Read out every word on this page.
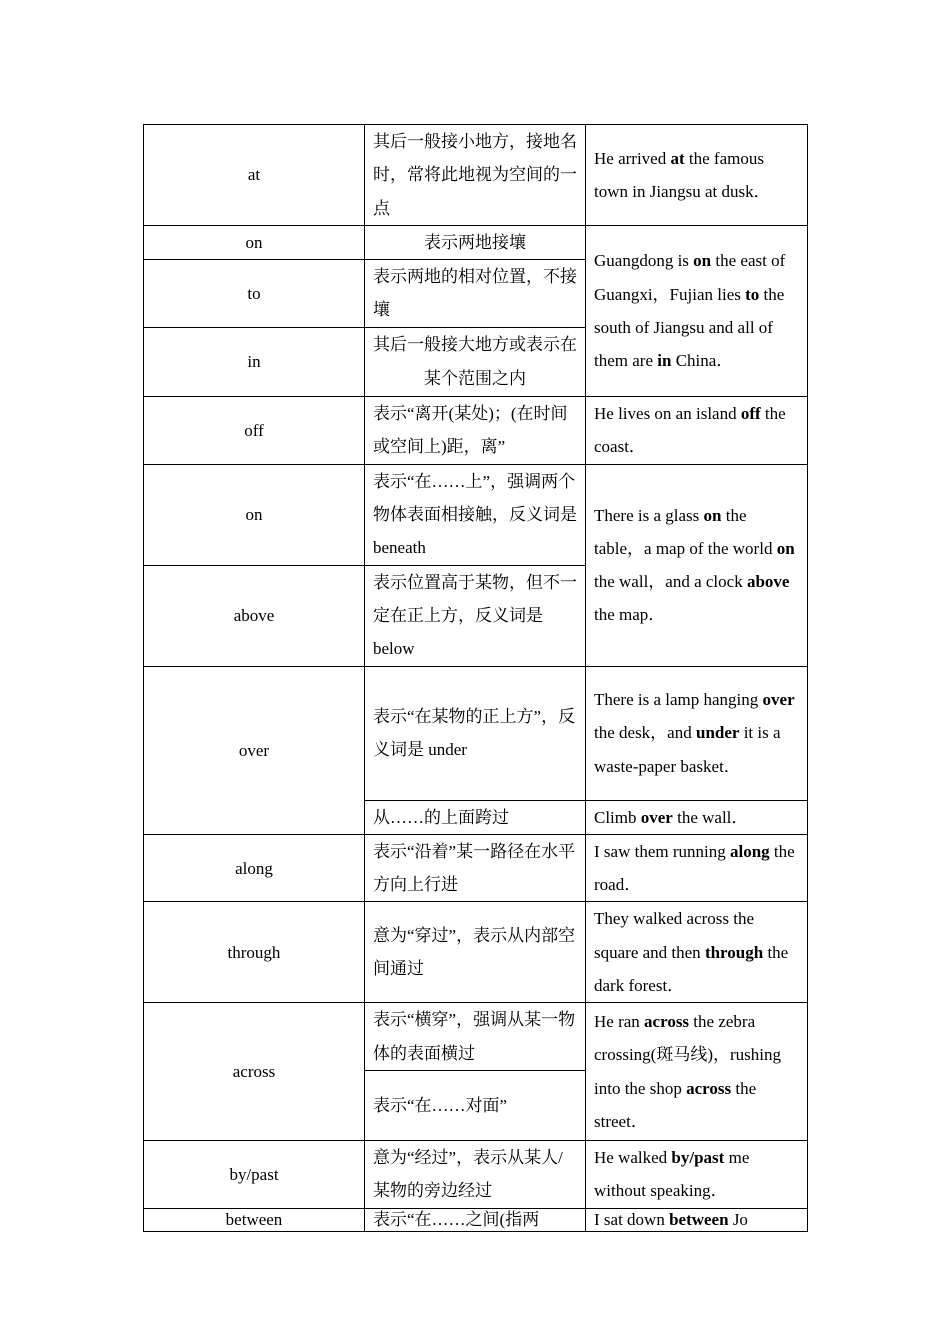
at	其后一般接小地方，接地名时，常将此地视为空间的一点	He arrived at the famous town in Jiangsu at dusk．
on	表示两地接壤	Guangdong is on the east of Guangxi，Fujian lies to the south of Jiangsu and all of them are in China．
to	表示两地的相对位置，不接壤	
in	其后一般接大地方或表示在某个范围之内	
off	表示“离开(某处)；(在时间或空间上)距，离”	He lives on an island off the coast．
on	表示“在……上”，强调两个物体表面相接触，反义词是 beneath	There is a glass on the table，a map of the world on the wall，and a clock above the map．
above	表示位置高于某物，但不一定在正上方，反义词是 below	
over	表示“在某物的正上方”，反义词是 under	There is a lamp hanging over the desk，and under it is a waste-paper basket．
	从……的上面跨过	Climb over the wall．
along	表示“沿着”某一路径在水平方向上行进	I saw them running along the road．
through	意为“穿过”，表示从内部空间通过	They walked across the square and then through the dark forest．
across	表示“横穿”，强调从某一物体的表面横过	He ran across the zebra crossing(斑马线)，rushing into the shop across the street．
	表示“在……对面”	
by/past	意为“经过”，表示从某人/某物的旁边经过	He walked by/past me without speaking．
between	表示“在……之间(指两	I sat down between Jo
